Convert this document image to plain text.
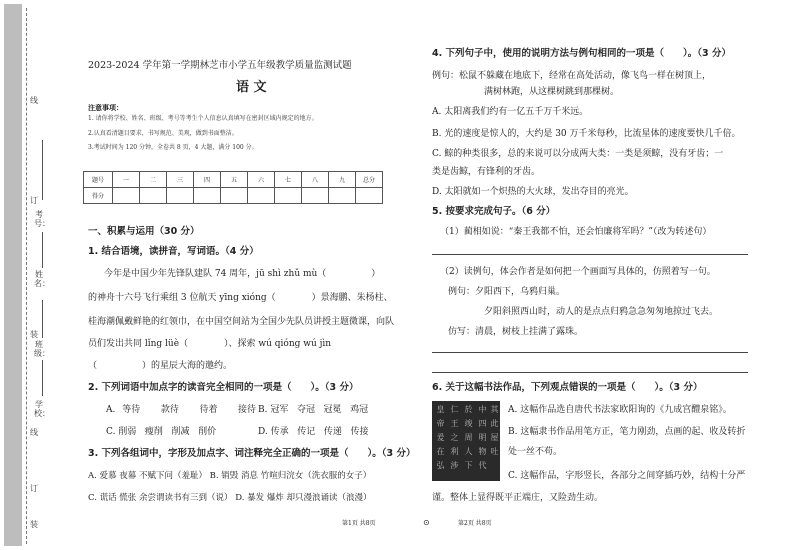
线
订
装
线
订
装
考号：
姓名：
班级：
学校：
2023-2024 学年第一学期林芝市小学五年级教学质量监测试题
语 文
注意事项：
1. 请你将学校、姓名、班级、考号等考生个人信息认真填写在密封区域内规定的地方。
2.认真看清题目要求，书写规范、美观，做到书面整洁。
3.考试时间为 120 分钟，全卷共 8 页，4 大题，满分 100 分。
题号	一	二	三	四	五	六	七	八	九	总分
得分										
一、积累与运用（30 分）
1. 结合语境，读拼音，写词语。（4 分）
今年是中国少年先锋队建队 74 周年，jū shì zhǔ mù（　　　　　）
的神舟十六号飞行乘组 3 位航天 yīng xióng（　　　　）景海鹏、朱杨柱、
桂海潮佩戴鲜艳的红领巾，在中国空间站为全国少先队员讲授主题微课，向队
员们发出共同 lǐng lüè（　　　　）、探索 wú qióng wú jìn
（　　　　　）的星辰大海的邀约。
2. 下列词语中加点字的读音完全相同的一项是（　　）。（3 分）
A. 等待 款待 待着 接待 B. 冠军 夺冠 冠冕 鸡冠
C. 削弱 瘦削 削减 削价	D. 传承 传记 传递 传接
3. 下列各组词中，字形及加点字、词注释完全正确的一项是（　　）。（3 分）
A. 爱慕 夜幕 不赋下问（羞耻） B. 销毁 消息 竹喧归浣女（洗衣服的女子）
C. 谎话 慌张 余尝谓读书有三到（说） D. 暴发 爆炸 却只漫浪诵读（浪漫）
4. 下列句子中，使用的说明方法与例句相同的一项是（　　）。（3 分）
例句：松鼠不躲藏在地底下，经常在高处活动，像飞鸟一样在树顶上，
满树林跑，从这棵树跳到那棵树。
A. 太阳离我们约有一亿五千万千米远。
B. 光的速度是惊人的，大约是 30 万千米每秒，比流星体的速度要快几千倍。
C. 鲸的种类很多，总的来说可以分成两大类：一类是须鲸，没有牙齿；一
类是齿鲸，有锋利的牙齿。
D. 太阳就如一个炽热的大火球，发出夺目的亮光。
5. 按要求完成句子。（6 分）
（1）蔺相如说：“秦王我都不怕，还会怕廉将军吗？”（改为转述句）
（2）读例句，体会作者是如何把一个画面写具体的，仿照着写一句。
例句：夕阳西下，乌鸦归巢。
夕阳斜照西山时，动人的是点点归鸦急急匆匆地掠过飞去。
仿写：清晨，树枝上挂满了露珠。
6. 关于这幅书法作品，下列观点错误的一项是（　　）。（3 分）
皇
帝
爰
在
弘
仁
王
之
利
涉
於
竣
周
人
下
中
四
明
物
代
其
此
屋
吐
A. 这幅作品选自唐代书法家欧阳询的《九成宫醴泉铭》。
B. 这幅隶书作品用笔方正，笔力刚劲，点画的起、收及转折
处一丝不苟。
C. 这幅作品，字形竖长，各部分之间穿插巧妙，结构十分严
谨。整体上显得既平正端庄，又险劲生动。
第1页 共8页	⊙	第2页 共8页
